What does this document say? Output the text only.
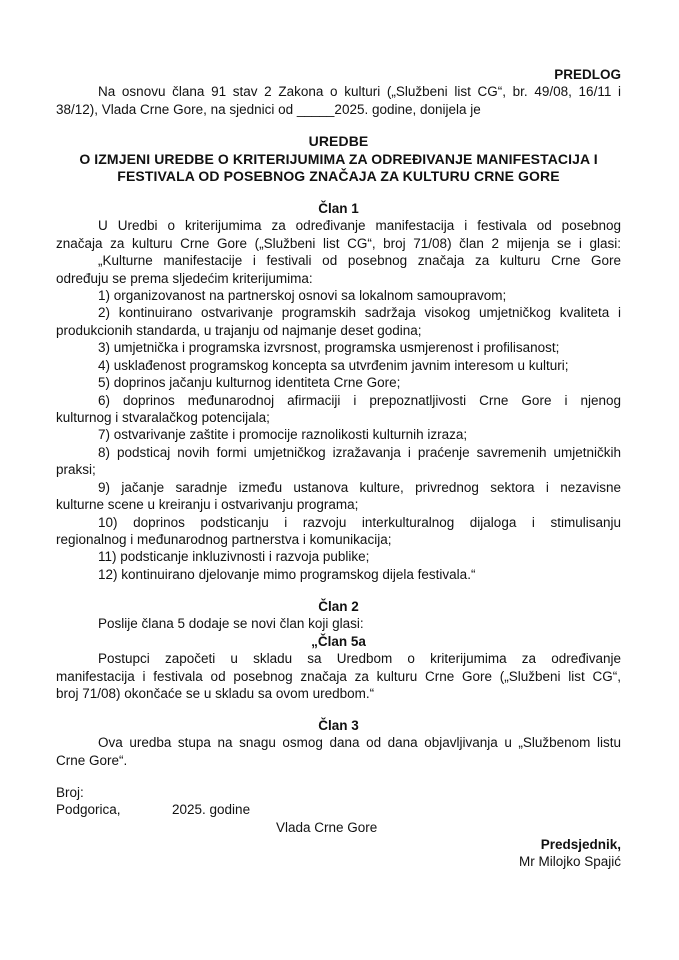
PREDLOG
Na osnovu člana 91 stav 2 Zakona o kulturi („Službeni list CG“, br. 49/08, 16/11 i
38/12), Vlada Crne Gore, na sjednici od _____2025. godine, donijela je
UREDBE
O IZMJENI UREDBE O KRITERIJUMIMA ZA ODREĐIVANJE MANIFESTACIJA I
FESTIVALA OD POSEBNOG ZNAČAJA ZA KULTURU CRNE GORE
Član 1
U Uredbi o kriterijumima za određivanje manifestacija i festivala od posebnog
značaja za kulturu Crne Gore („Službeni list CG“, broj 71/08) član 2 mijenja se i glasi:
„Kulturne manifestacije i festivali od posebnog značaja za kulturu Crne Gore
određuju se prema sljedećim kriterijumima:
1) organizovanost na partnerskoj osnovi sa lokalnom samoupravom;
2) kontinuirano ostvarivanje programskih sadržaja visokog umjetničkog kvaliteta i
produkcionih standarda, u trajanju od najmanje deset godina;
3) umjetnička i programska izvrsnost, programska usmjerenost i profilisanost;
4) usklađenost programskog koncepta sa utvrđenim javnim interesom u kulturi;
5) doprinos jačanju kulturnog identiteta Crne Gore;
6) doprinos međunarodnoj afirmaciji i prepoznatljivosti Crne Gore i njenog
kulturnog i stvaralačkog potencijala;
7) ostvarivanje zaštite i promocije raznolikosti kulturnih izraza;
8) podsticaj novih formi umjetničkog izražavanja i praćenje savremenih umjetničkih
praksi;
9) jačanje saradnje između ustanova kulture, privrednog sektora i nezavisne
kulturne scene u kreiranju i ostvarivanju programa;
10) doprinos podsticanju i razvoju interkulturalnog dijaloga i stimulisanju
regionalnog i međunarodnog partnerstva i komunikacija;
11) podsticanje inkluzivnosti i razvoja publike;
12) kontinuirano djelovanje mimo programskog dijela festivala.“
Član 2
Poslije člana 5 dodaje se novi član koji glasi:
„Član 5a
Postupci započeti u skladu sa Uredbom o kriterijumima za određivanje
manifestacija i festivala od posebnog značaja za kulturu Crne Gore („Službeni list CG“,
broj 71/08) okončaće se u skladu sa ovom uredbom.“
Član 3
Ova uredba stupa na snagu osmog dana od dana objavljivanja u „Službenom listu
Crne Gore“.
Broj:
Podgorica,	2025. godine
Vlada Crne Gore
Predsjednik,
Mr Milojko Spajić
